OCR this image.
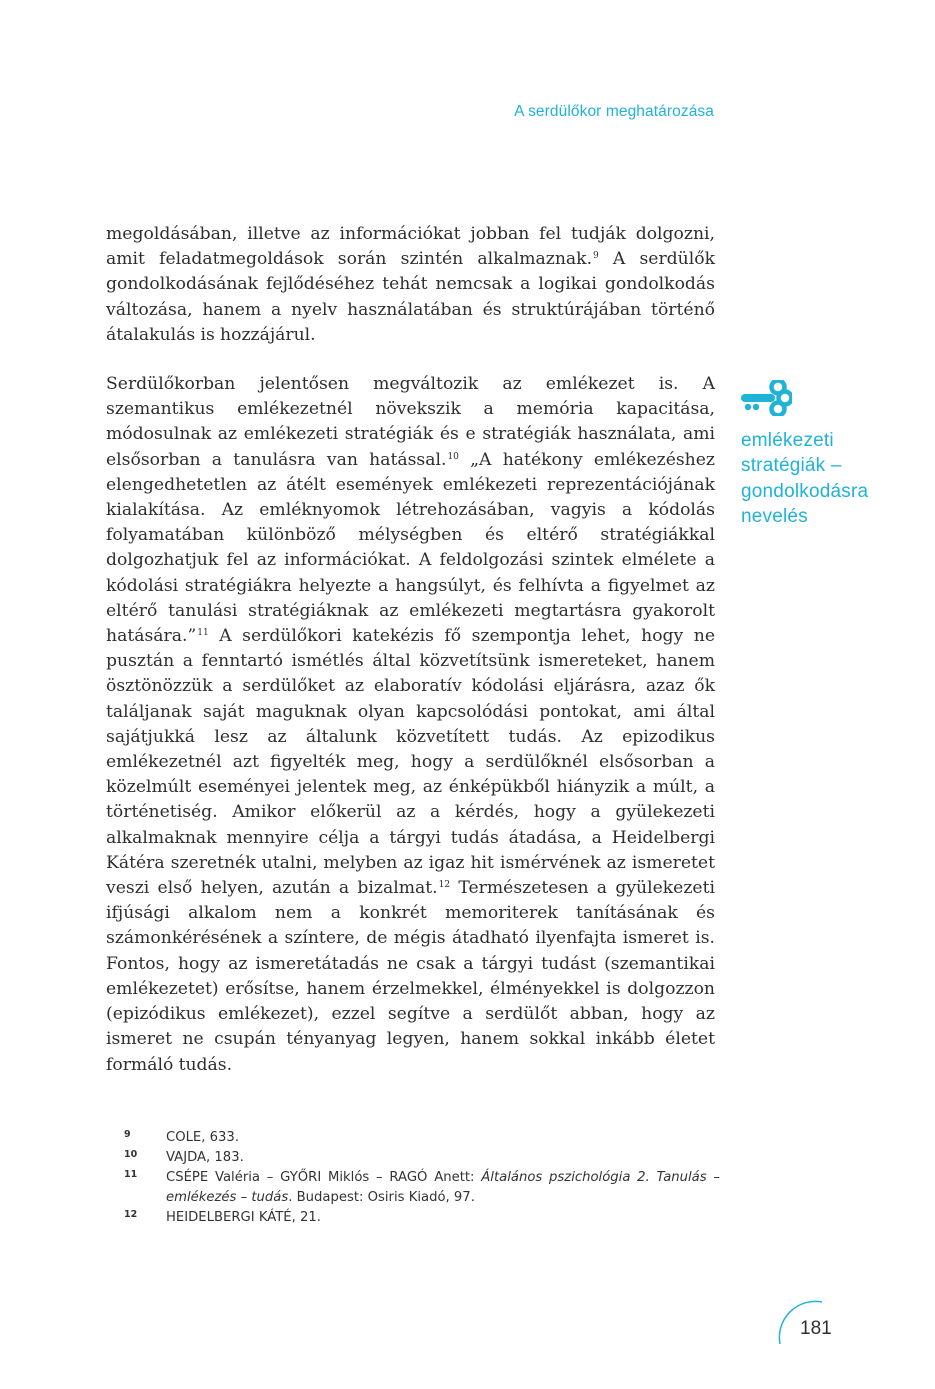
A serdülőkor meghatározása

megoldásában, illetve az információkat jobban fel tudják dolgozni, amit feladatmegoldások során szintén alkalmaznak.$^9$ A serdülők gondolkodásának fejlődéséhez tehát nemcsak a logikai gondolkodás változása, hanem a nyelv használatában és struktúrájában történő átalakulás is hozzájárul.

Serdülőkorban jelentősen megváltozik az emlékezet is. A szemantikus emlékezetnél növekszik a memória kapacitása, módosulnak az emlékezeti stratégiák és e stratégiák használata, ami elsősorban a tanulásra van hatással.$^{10}$ „A hatékony emlékezéshez elengedhetetlen az átélt események emlékezeti reprezentációjának kialakítása. Az emléknyomok létrehozásában, vagyis a kódolás folyamatában különböző mélységben és eltérő stratégiákkal dolgozhatjuk fel az információkat. A feldolgozási szintek elmélete a kódolási stratégiákra helyezte a hangsúlyt, és felhívta a figyelmet az eltérő tanulási stratégiáknak az emlékezeti megtartásra gyakorolt hatására.”$^{11}$ A serdülőkori katekézis fő szempontja lehet, hogy ne pusztán a fenntartó ismétlés által közvetítsünk ismereteket, hanem ösztönözzük a serdülőket az elaboratív kódolási eljárásra, azaz ők találjanak saját maguknak olyan kapcsolódási pontokat, ami által sajátjukká lesz az általunk közvetített tudás. Az epizodikus emlékezetnél azt figyelték meg, hogy a serdülőknél elsősorban a közelmúlt eseményei jelentek meg, az énképükből hiányzik a múlt, a történetiség. Amikor előkerül az a kérdés, hogy a gyülekezeti alkalmaknak mennyire célja a tárgyi tudás átadása, a Heidelbergi Kátéra szeretnék utalni, melyben az igaz hit ismérvének az ismeretet veszi első helyen, azután a bizalmat.$^{12}$ Természetesen a gyülekezeti ifjúsági alkalom nem a konkrét memoriterek tanításának és számonkérésének a színtere, de mégis átadható ilyenfajta ismeret is. Fontos, hogy az ismeretátadás ne csak a tárgyi tudást (szemantikai emlékezetet) erősítse, hanem érzelmekkel, élményekkel is dolgozzon (epizódikus emlékezet), ezzel segítve a serdülőt abban, hogy az ismeret ne csupán tényanyag legyen, hanem sokkal inkább életet formáló tudás.

emlékezeti
stratégiák –
gondolkodásra
nevelés
9	COLE, 633.
10	VAJDA, 183.
11	CSÉPE Valéria – GYŐRI Miklós – RAGÓ Anett: Általános pszichológia 2. Tanulás – emlékezés – tudás. Budapest: Osiris Kiadó, 97.
12	HEIDELBERGI KÁTÉ, 21.
181
